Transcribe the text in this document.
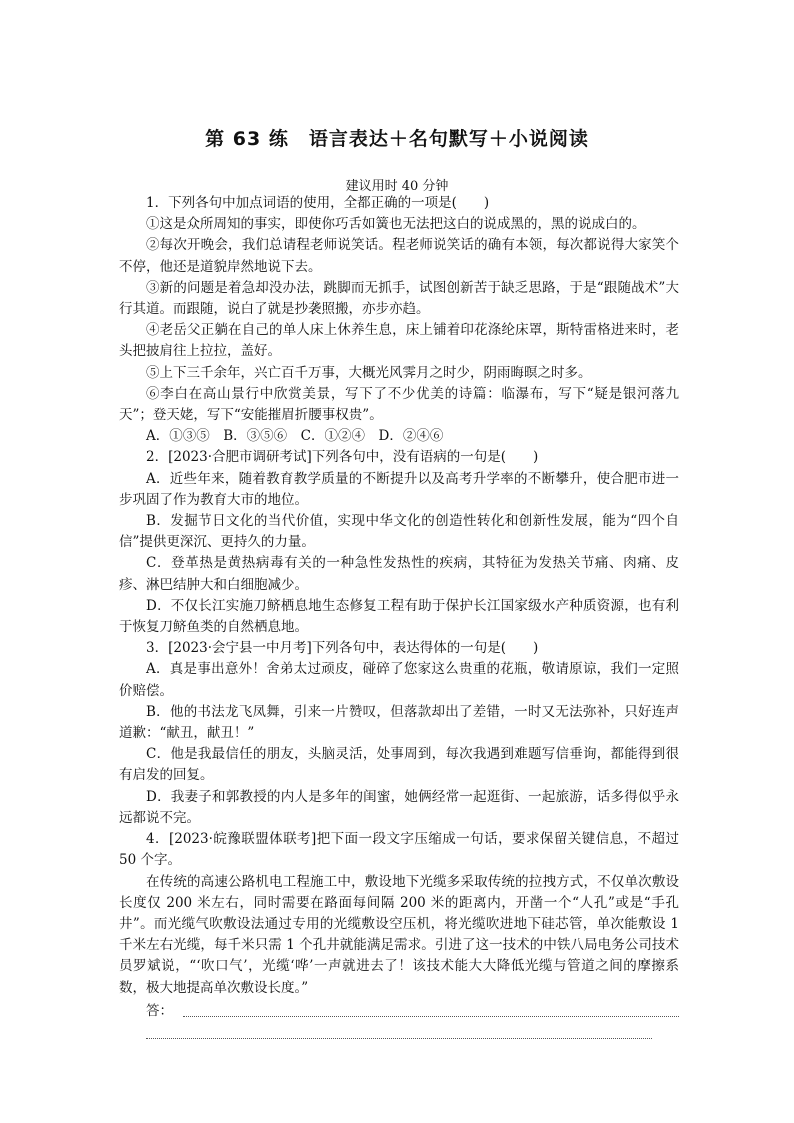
第 63 练　语言表达＋名句默写＋小说阅读
建议用时 40 分钟

1．下列各句中加点词语的使用，全都正确的一项是(　　)

①这是众所周知的事实，即使你巧舌如簧也无法把这白的说成黑的，黑的说成白的。

②每次开晚会，我们总请程老师说笑话。程老师说笑话的确有本领，每次都说得大家笑个不停，他还是道貌岸然地说下去。

③新的问题是着急却没办法，跳脚而无抓手，试图创新苦于缺乏思路，于是“跟随战术”大行其道。而跟随，说白了就是抄袭照搬，亦步亦趋。

④老岳父正躺在自己的单人床上休养生息，床上铺着印花涤纶床罩，斯特雷格进来时，老头把披肩往上拉拉，盖好。

⑤上下三千余年，兴亡百千万事，大概光风霁月之时少，阴雨晦暝之时多。

⑥李白在高山景行中欣赏美景，写下了不少优美的诗篇：临瀑布，写下“疑是银河落九天”；登天姥，写下“安能摧眉折腰事权贵”。

A．①③⑤　B．③⑤⑥　C．①②④　D．②④⑥

2．[2023·合肥市调研考试]下列各句中，没有语病的一句是(　　)

A．近些年来，随着教育教学质量的不断提升以及高考升学率的不断攀升，使合肥市进一步巩固了作为教育大市的地位。

B．发掘节日文化的当代价值，实现中华文化的创造性转化和创新性发展，能为“四个自信”提供更深沉、更持久的力量。

C．登革热是黄热病毒有关的一种急性发热性的疾病，其特征为发热关节痛、肉痛、皮疹、淋巴结肿大和白细胞减少。

D．不仅长江实施刀鲚栖息地生态修复工程有助于保护长江国家级水产种质资源，也有利于恢复刀鲚鱼类的自然栖息地。

3．[2023·会宁县一中月考]下列各句中，表达得体的一句是(　　)

A．真是事出意外！舍弟太过顽皮，碰碎了您家这么贵重的花瓶，敬请原谅，我们一定照价赔偿。

B．他的书法龙飞凤舞，引来一片赞叹，但落款却出了差错，一时又无法弥补，只好连声道歉：“献丑，献丑！”

C．他是我最信任的朋友，头脑灵活，处事周到，每次我遇到难题写信垂询，都能得到很有启发的回复。

D．我妻子和郭教授的内人是多年的闺蜜，她俩经常一起逛街、一起旅游，话多得似乎永远都说不完。

4．[2023·皖豫联盟体联考]把下面一段文字压缩成一句话，要求保留关键信息，不超过 50 个字。

在传统的高速公路机电工程施工中，敷设地下光缆多采取传统的拉拽方式，不仅单次敷设长度仅 200 米左右，同时需要在路面每间隔 200 米的距离内，开凿一个“人孔”或是“手孔井”。而光缆气吹敷设法通过专用的光缆敷设空压机，将光缆吹进地下硅芯管，单次能敷设 1 千米左右光缆，每千米只需 1 个孔井就能满足需求。引进了这一技术的中铁八局电务公司技术员罗斌说，“‘吹口气’，光缆‘哗’一声就进去了！该技术能大大降低光缆与管道之间的摩擦系数，极大地提高单次敷设长度。”

答：
